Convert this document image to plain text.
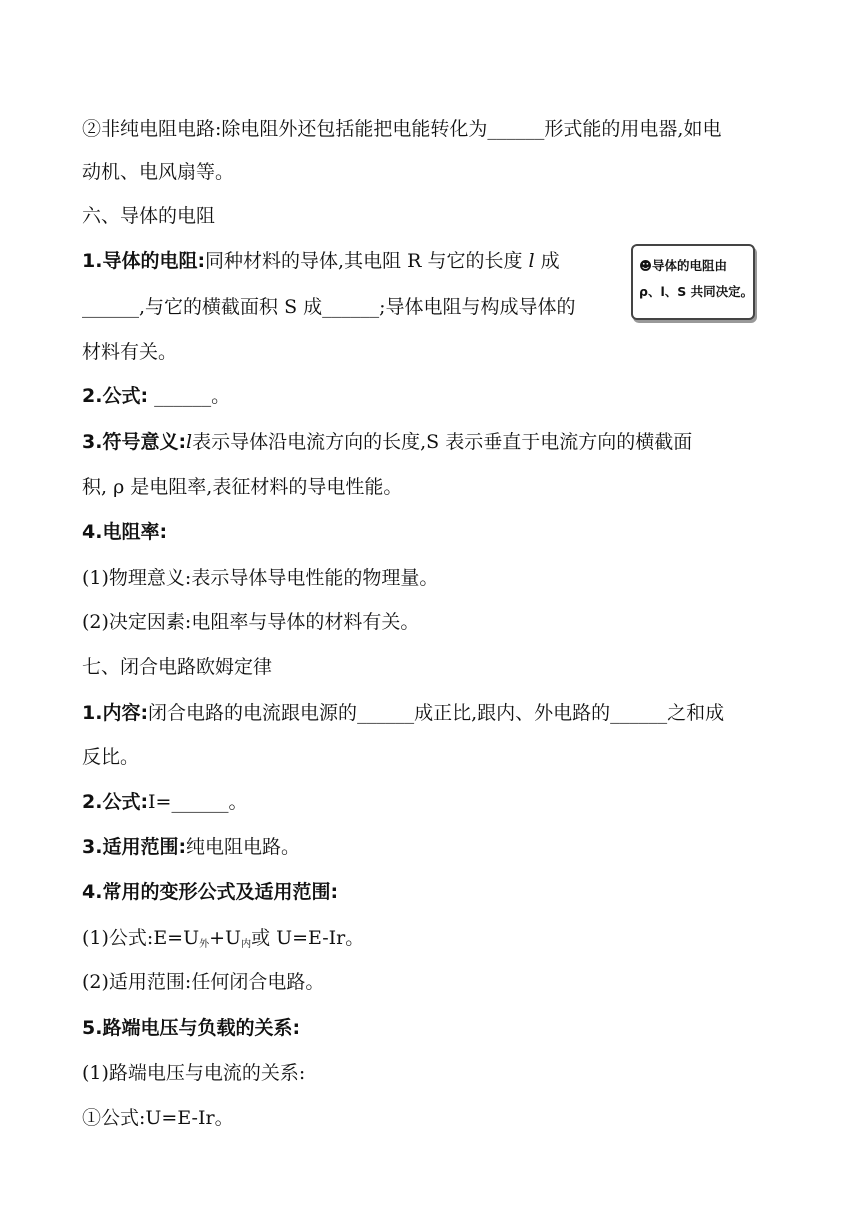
②非纯电阻电路:除电阻外还包括能把电能转化为______形式能的用电器,如电
动机、电风扇等。
六、导体的电阻
1.导体的电阻:同种材料的导体,其电阻 R 与它的长度 l 成
______,与它的横截面积 S 成______;导体电阻与构成导体的
材料有关。
☻导体的电阻由
ρ、l、S 共同决定。
2.公式: ______。
3.符号意义:l表示导体沿电流方向的长度,S 表示垂直于电流方向的横截面
积, ρ 是电阻率,表征材料的导电性能。
4.电阻率:
(1)物理意义:表示导体导电性能的物理量。
(2)决定因素:电阻率与导体的材料有关。
七、闭合电路欧姆定律
1.内容:闭合电路的电流跟电源的______成正比,跟内、外电路的______之和成
反比。
2.公式:I=______。
3.适用范围:纯电阻电路。
4.常用的变形公式及适用范围:
(1)公式$:E=U_外+U_内$或 U=E-Ir。
(2)适用范围:任何闭合电路。
5.路端电压与负载的关系:
(1)路端电压与电流的关系:
①公式:U=E-Ir。
